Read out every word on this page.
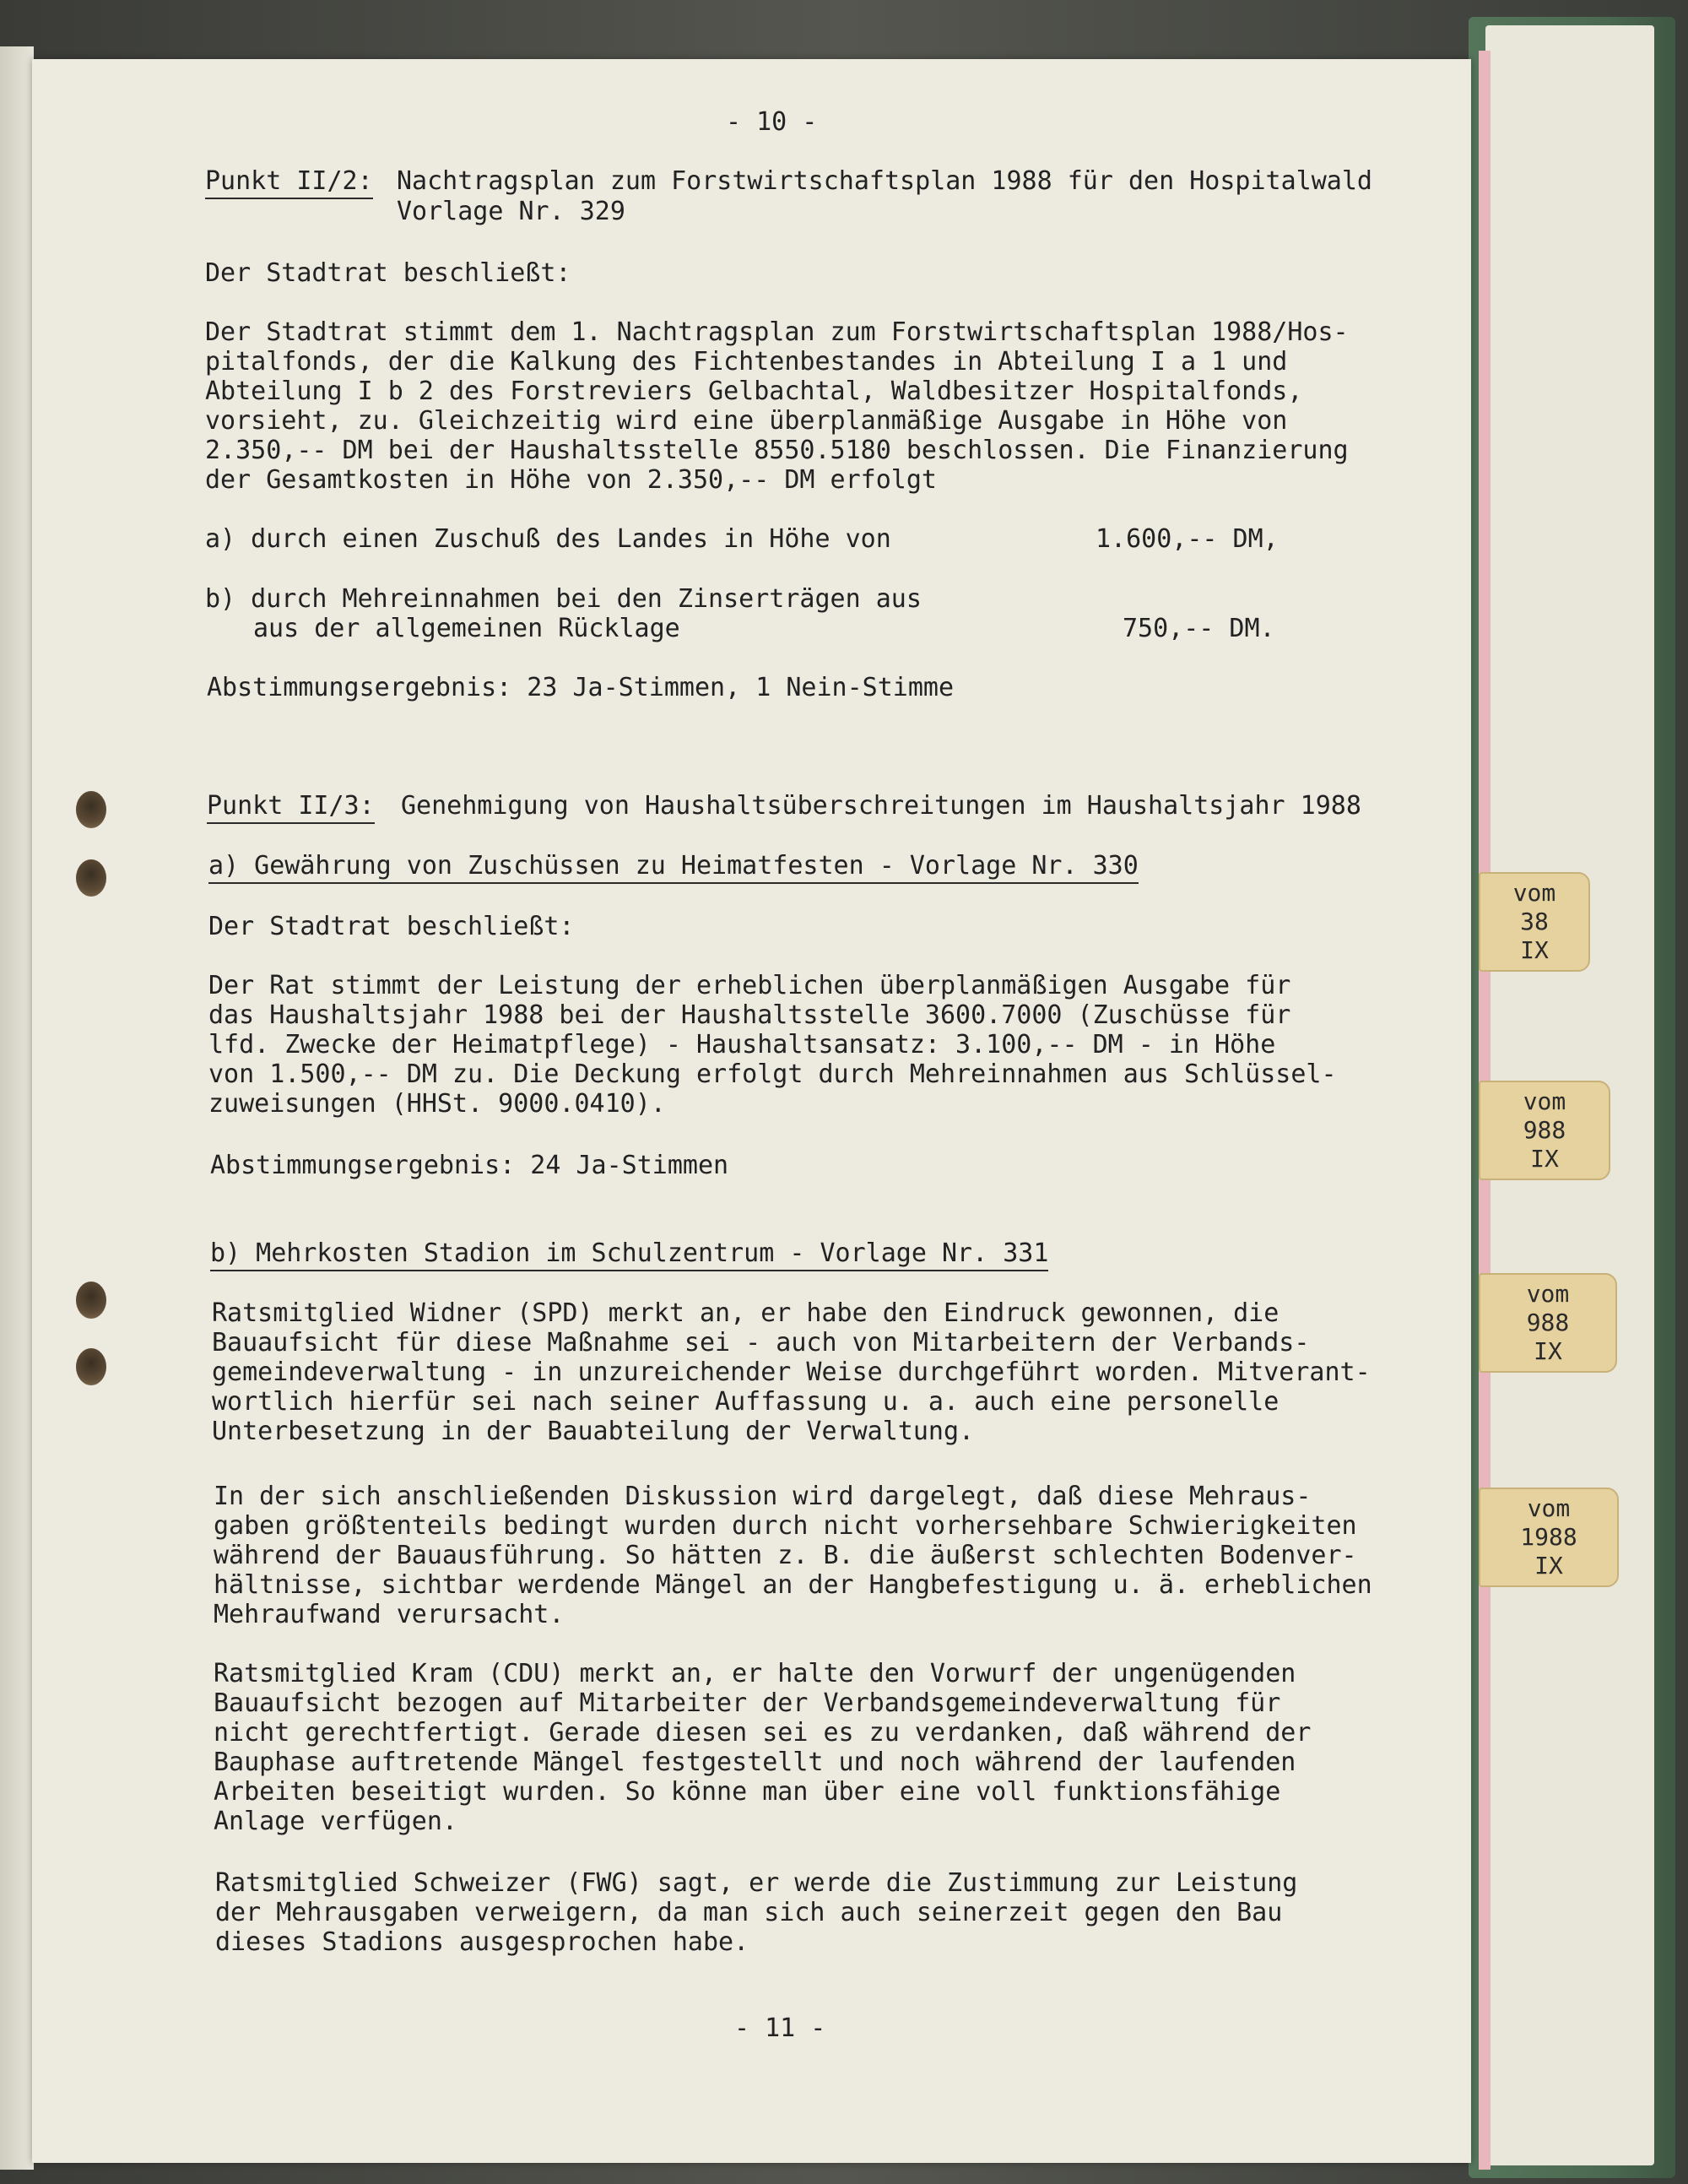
vom
38
IX
vom
988
IX
vom
988
IX
vom
1988
IX
- 10 -
Punkt II/2: Nachtragsplan zum Forstwirtschaftsplan 1988 für den Hospitalwald
Vorlage Nr. 329
Der Stadtrat beschließt:
Der Stadtrat stimmt dem 1. Nachtragsplan zum Forstwirtschaftsplan 1988/Hos-
pitalfonds, der die Kalkung des Fichtenbestandes in Abteilung I a 1 und
Abteilung I b 2 des Forstreviers Gelbachtal, Waldbesitzer Hospitalfonds,
vorsieht, zu. Gleichzeitig wird eine überplanmäßige Ausgabe in Höhe von
2.350,-- DM bei der Haushaltsstelle 8550.5180 beschlossen. Die Finanzierung
der Gesamtkosten in Höhe von 2.350,-- DM erfolgt
a) durch einen Zuschuß des Landes in Höhe von	1.600,-- DM,
b) durch Mehreinnahmen bei den Zinserträgen aus
aus der allgemeinen Rücklage	750,-- DM.
Abstimmungsergebnis: 23 Ja-Stimmen, 1 Nein-Stimme
Punkt II/3: Genehmigung von Haushaltsüberschreitungen im Haushaltsjahr 1988
a) Gewährung von Zuschüssen zu Heimatfesten - Vorlage Nr. 330
Der Stadtrat beschließt:
Der Rat stimmt der Leistung der erheblichen überplanmäßigen Ausgabe für
das Haushaltsjahr 1988 bei der Haushaltsstelle 3600.7000 (Zuschüsse für
lfd. Zwecke der Heimatpflege) - Haushaltsansatz: 3.100,-- DM - in Höhe
von 1.500,-- DM zu. Die Deckung erfolgt durch Mehreinnahmen aus Schlüssel-
zuweisungen (HHSt. 9000.0410).
Abstimmungsergebnis: 24 Ja-Stimmen
b) Mehrkosten Stadion im Schulzentrum - Vorlage Nr. 331
Ratsmitglied Widner (SPD) merkt an, er habe den Eindruck gewonnen, die
Bauaufsicht für diese Maßnahme sei - auch von Mitarbeitern der Verbands-
gemeindeverwaltung - in unzureichender Weise durchgeführt worden. Mitverant-
wortlich hierfür sei nach seiner Auffassung u. a. auch eine personelle
Unterbesetzung in der Bauabteilung der Verwaltung.
In der sich anschließenden Diskussion wird dargelegt, daß diese Mehraus-
gaben größtenteils bedingt wurden durch nicht vorhersehbare Schwierigkeiten
während der Bauausführung. So hätten z. B. die äußerst schlechten Bodenver-
hältnisse, sichtbar werdende Mängel an der Hangbefestigung u. ä. erheblichen
Mehraufwand verursacht.
Ratsmitglied Kram (CDU) merkt an, er halte den Vorwurf der ungenügenden
Bauaufsicht bezogen auf Mitarbeiter der Verbandsgemeindeverwaltung für
nicht gerechtfertigt. Gerade diesen sei es zu verdanken, daß während der
Bauphase auftretende Mängel festgestellt und noch während der laufenden
Arbeiten beseitigt wurden. So könne man über eine voll funktionsfähige
Anlage verfügen.
Ratsmitglied Schweizer (FWG) sagt, er werde die Zustimmung zur Leistung
der Mehrausgaben verweigern, da man sich auch seinerzeit gegen den Bau
dieses Stadions ausgesprochen habe.
- 11 -
